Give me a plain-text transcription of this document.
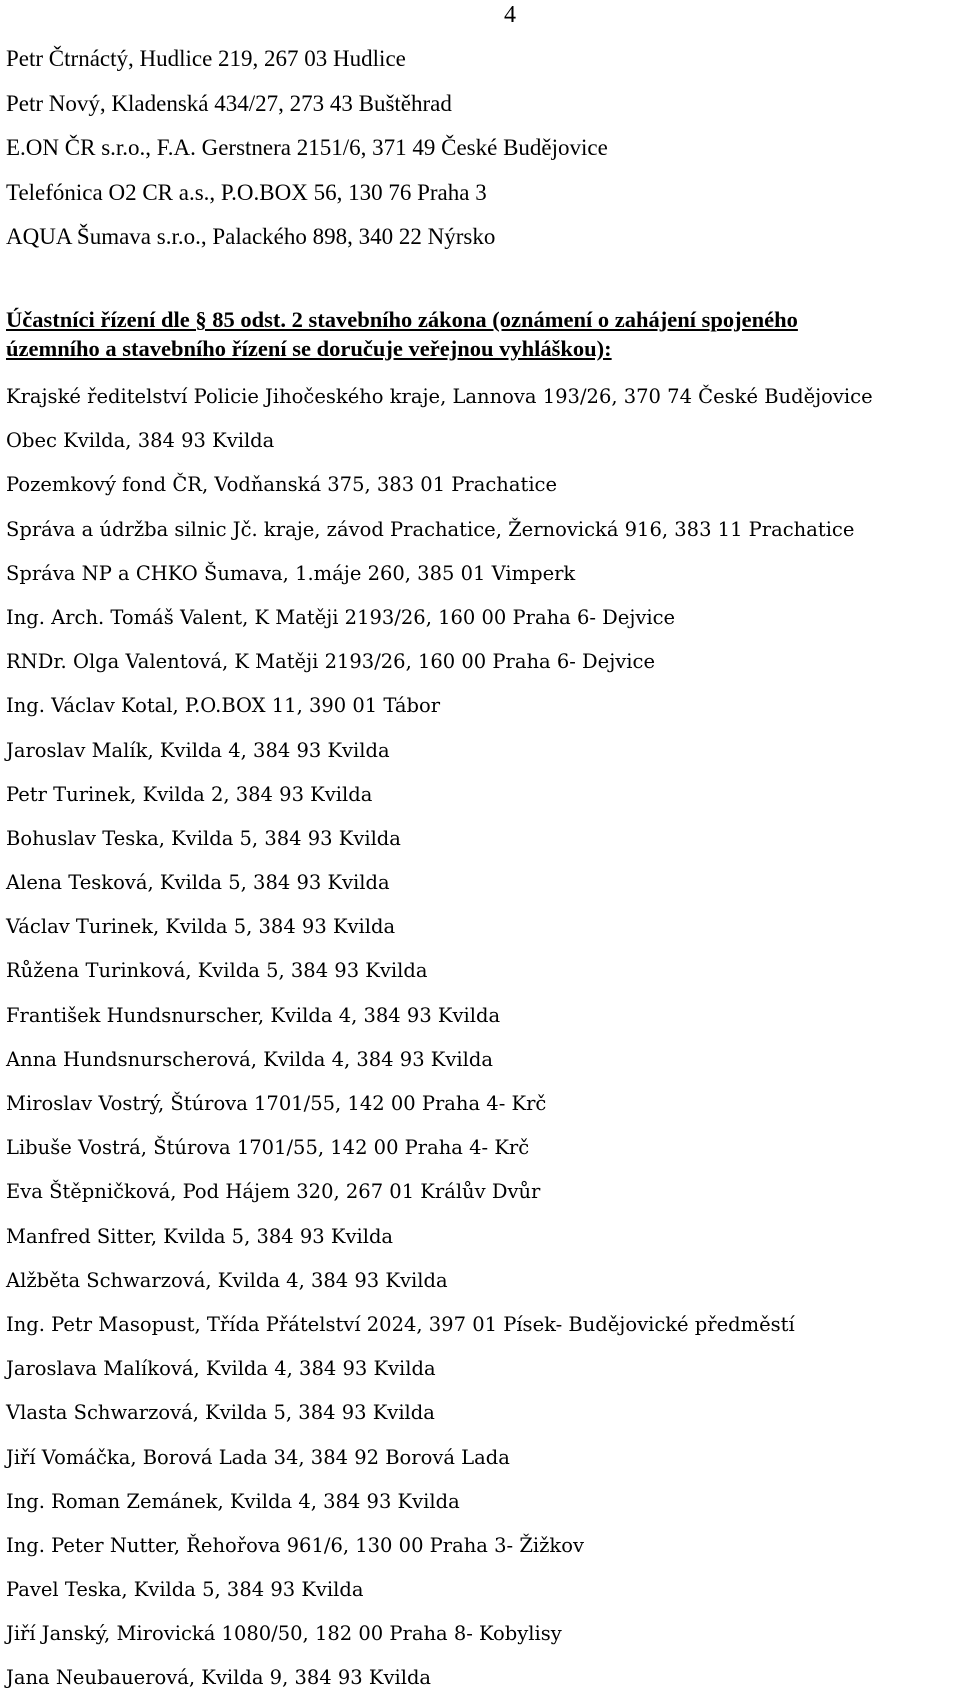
4
Petr Čtrnáctý, Hudlice 219, 267 03 Hudlice
Petr Nový, Kladenská 434/27, 273 43 Buštěhrad
E.ON ČR s.r.o., F.A. Gerstnera 2151/6, 371 49 České Budějovice
Telefónica O2 CR a.s., P.O.BOX 56, 130 76 Praha 3
AQUA Šumava s.r.o., Palackého 898, 340 22 Nýrsko
Účastníci řízení dle § 85 odst. 2 stavebního zákona (oznámení o zahájení spojeného
územního a stavebního řízení se doručuje veřejnou vyhláškou):
Krajské ředitelství Policie Jihočeského kraje, Lannova 193/26, 370 74 České Budějovice
Obec Kvilda, 384 93 Kvilda
Pozemkový fond ČR, Vodňanská 375, 383 01 Prachatice
Správa a údržba silnic Jč. kraje, závod Prachatice, Žernovická 916, 383 11 Prachatice
Správa NP a CHKO Šumava, 1.máje 260, 385 01 Vimperk
Ing. Arch. Tomáš Valent, K Matěji 2193/26, 160 00 Praha 6- Dejvice
RNDr. Olga Valentová, K Matěji 2193/26, 160 00 Praha 6- Dejvice
Ing. Václav Kotal, P.O.BOX 11, 390 01 Tábor
Jaroslav Malík, Kvilda 4, 384 93 Kvilda
Petr Turinek, Kvilda 2, 384 93 Kvilda
Bohuslav Teska, Kvilda 5, 384 93 Kvilda
Alena Tesková, Kvilda 5, 384 93 Kvilda
Václav Turinek, Kvilda 5, 384 93 Kvilda
Růžena Turinková, Kvilda 5, 384 93 Kvilda
František Hundsnurscher, Kvilda 4, 384 93 Kvilda
Anna Hundsnurscherová, Kvilda 4, 384 93 Kvilda
Miroslav Vostrý, Štúrova 1701/55, 142 00 Praha 4- Krč
Libuše Vostrá, Štúrova 1701/55, 142 00 Praha 4- Krč
Eva Štěpničková, Pod Hájem 320, 267 01 Králův Dvůr
Manfred Sitter, Kvilda 5, 384 93 Kvilda
Alžběta Schwarzová, Kvilda 4, 384 93 Kvilda
Ing. Petr Masopust, Třída Přátelství 2024, 397 01 Písek- Budějovické předměstí
Jaroslava Malíková, Kvilda 4, 384 93 Kvilda
Vlasta Schwarzová, Kvilda 5, 384 93 Kvilda
Jiří Vomáčka, Borová Lada 34, 384 92 Borová Lada
Ing. Roman Zemánek, Kvilda 4, 384 93 Kvilda
Ing. Peter Nutter, Řehořova 961/6, 130 00 Praha 3- Žižkov
Pavel Teska, Kvilda 5, 384 93 Kvilda
Jiří Janský, Mirovická 1080/50, 182 00 Praha 8- Kobylisy
Jana Neubauerová, Kvilda 9, 384 93 Kvilda
